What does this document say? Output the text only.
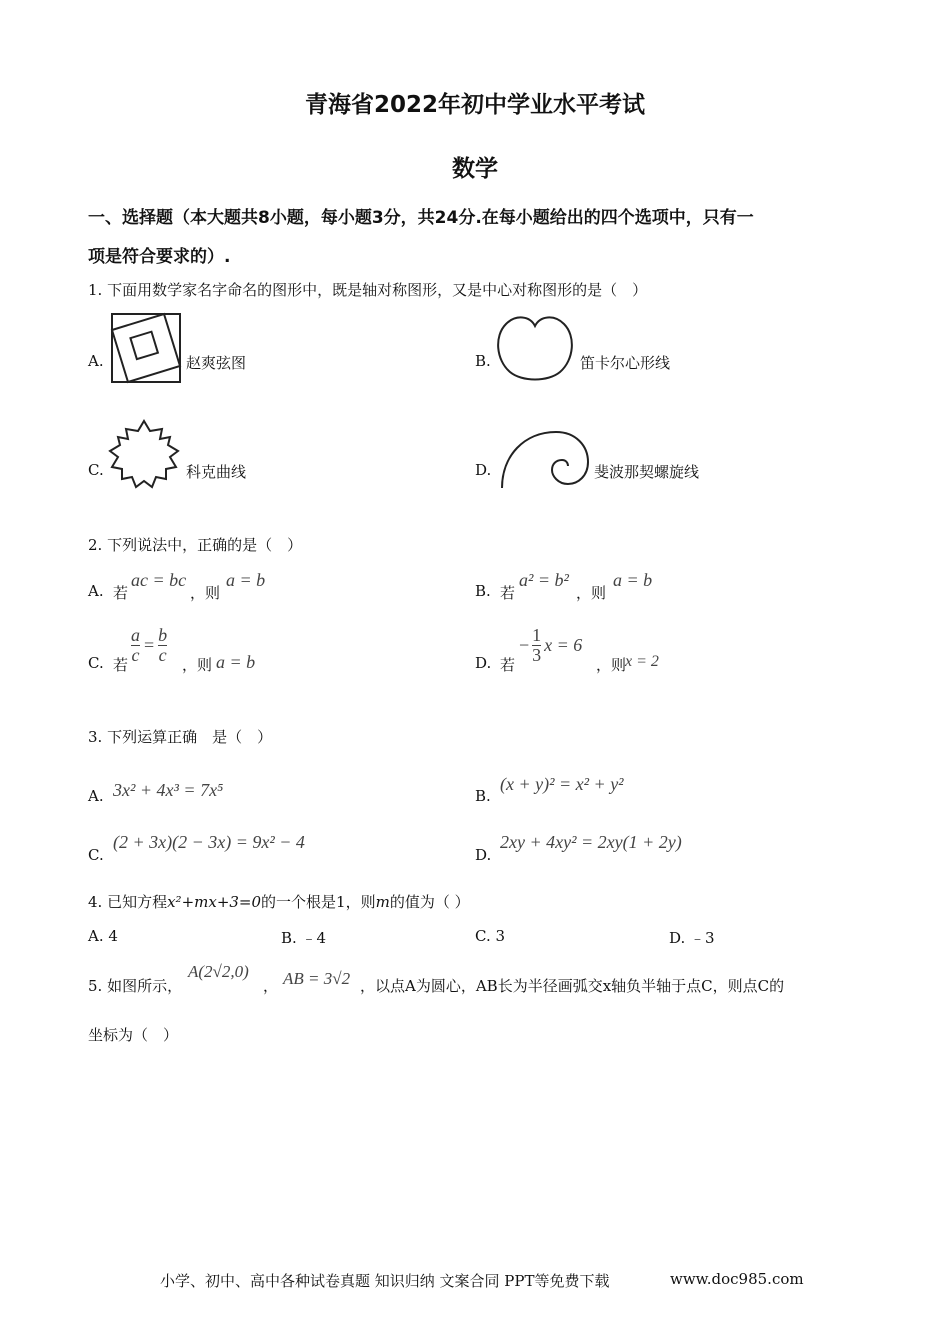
青海省2022年初中学业水平考试
数学
一、选择题（本大题共8小题，每小题3分，共24分.在每小题给出的四个选项中，只有一
项是符合要求的）.
1. 下面用数学家名字命名的图形中，既是轴对称图形，又是中心对称图形的是（　）
A.	赵爽弦图	B.	笛卡尔心形线
C.	科克曲线	D.	斐波那契螺旋线
2. 下列说法中，正确的是（　）
A. 若
ac = bc
，则
a = b
B. 若
a² = b²
，则
a = b
C. 若
$\frac{a}{c} = \frac{b}{c}$
，则 a = b	D. 若
− $\frac{1}{3}$ x = 6
，则
x = 2
3. 下列运算正确　是（　）
A. 3x² + 4x³ = 7x⁵	B.
(x + y)² = x² + y²
C.
(2 + 3x)(2 − 3x) = 9x² − 4
D.
2xy + 4xy² = 2xy(1 + 2y)
4. 已知方程x²+mx+3=0的一个根是1，则m的值为（ ）
A. 4	B. ﹣4	C. 3	D. ﹣3
5. 如图所示，
A(2√2,0)
， AB = 3√2 ，以点A为圆心，AB长为半径画弧交x轴负半轴于点C，则点C的
坐标为（　）
小学、初中、高中各种试卷真题 知识归纳 文案合同 PPT等免费下载	www.doc985.com
